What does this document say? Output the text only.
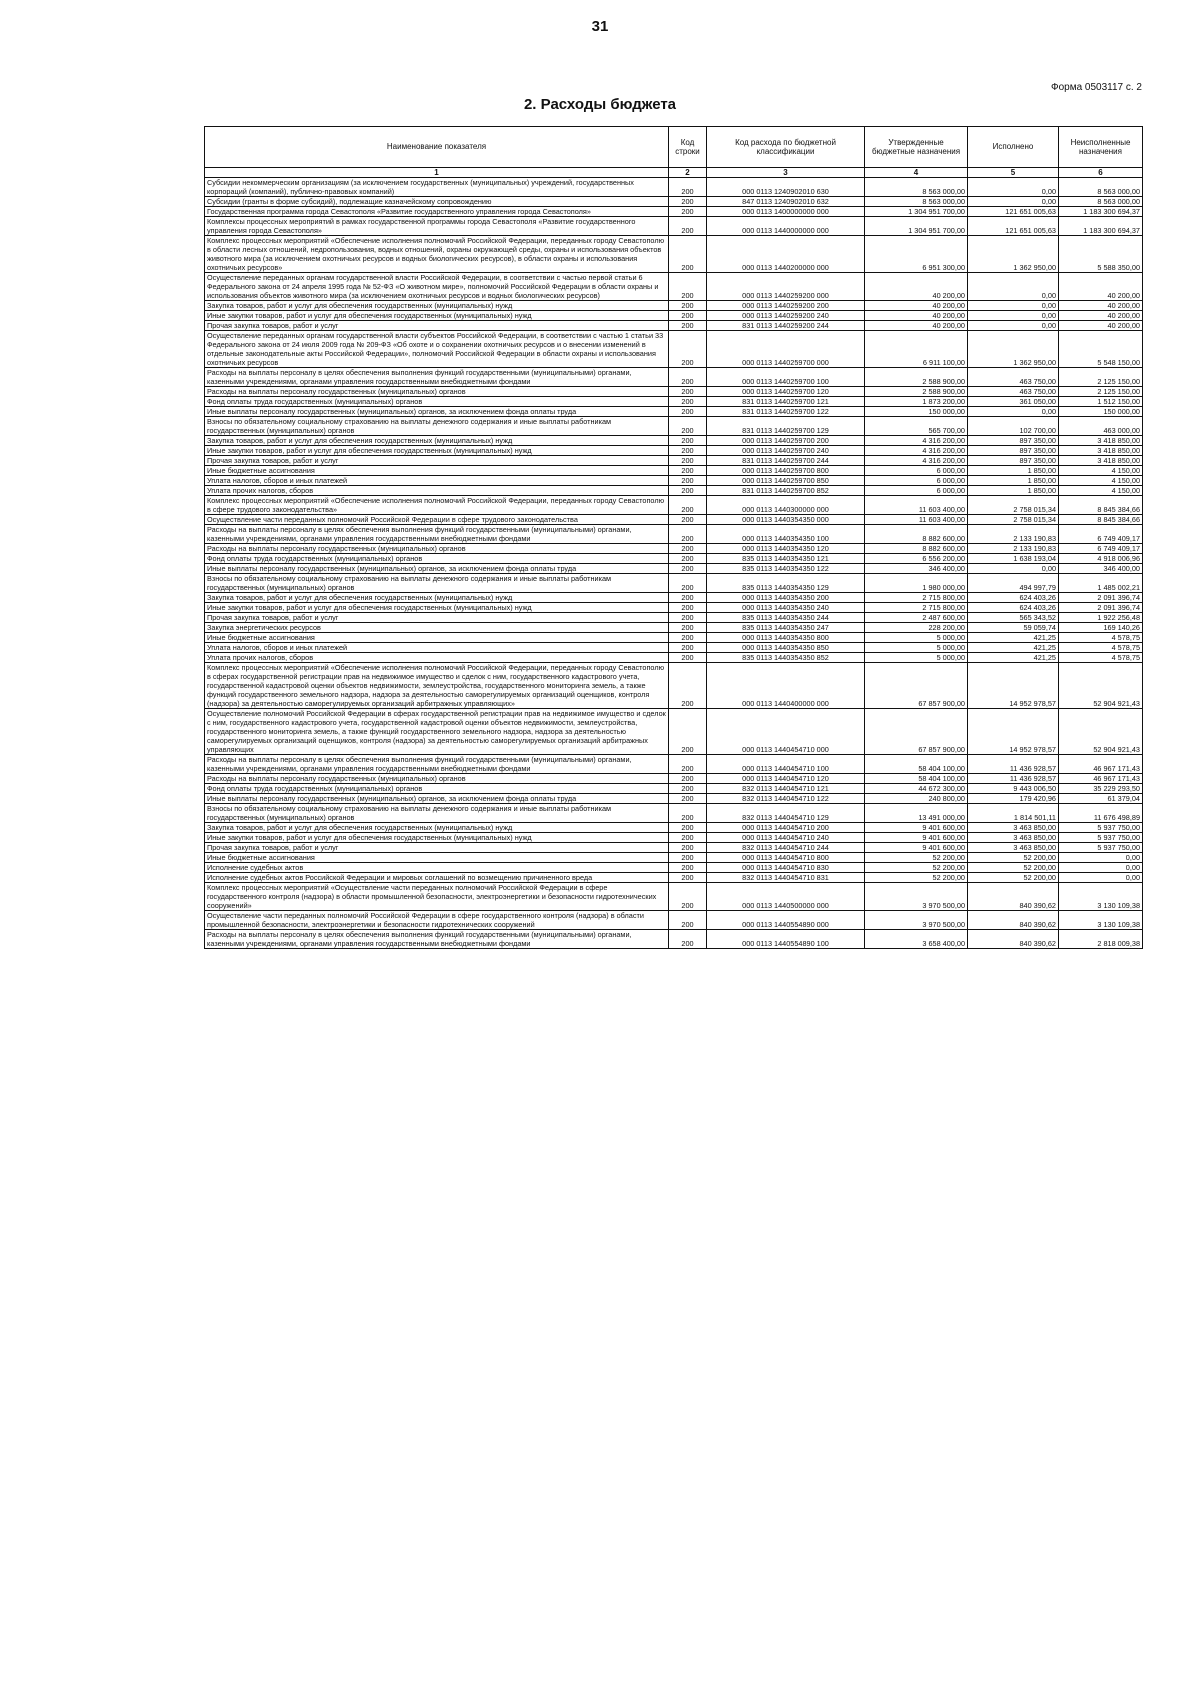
31
Форма 0503117 с. 2
2. Расходы бюджета
Наименование показателя	Код строки	Код расхода по бюджетной классификации	Утвержденные бюджетные назначения	Исполнено	Неисполненные назначения
1	2	3	4	5	6
Субсидии некоммерческим организациям (за исключением государственных (муниципальных) учреждений, государственных корпораций (компаний), публично-правовых компаний)	200	000 0113 1240902010 630	8 563 000,00	0,00	8 563 000,00
Субсидии (гранты в форме субсидий), подлежащие казначейскому сопровождению	200	847 0113 1240902010 632	8 563 000,00	0,00	8 563 000,00
Государственная программа города Севастополя «Развитие государственного управления города Севастополя»	200	000 0113 1400000000 000	1 304 951 700,00	121 651 005,63	1 183 300 694,37
Комплексы процессных мероприятий в рамках государственной программы города Севастополя «Развитие государственного управления города Севастополя»	200	000 0113 1440000000 000	1 304 951 700,00	121 651 005,63	1 183 300 694,37
Комплекс процессных мероприятий «Обеспечение исполнения полномочий Российской Федерации, переданных городу Севастополю в области лесных отношений, недропользования, водных отношений, охраны окружающей среды, охраны и использования объектов животного мира (за исключением охотничьих ресурсов и водных биологических ресурсов), в области охраны и использования охотничьих ресурсов»	200	000 0113 1440200000 000	6 951 300,00	1 362 950,00	5 588 350,00
Осуществление переданных органам государственной власти Российской Федерации, в соответствии с частью первой статьи 6 Федерального закона от 24 апреля 1995 года № 52-ФЗ «О животном мире», полномочий Российской Федерации в области охраны и использования объектов животного мира (за исключением охотничьих ресурсов и водных биологических ресурсов)	200	000 0113 1440259200 000	40 200,00	0,00	40 200,00
Закупка товаров, работ и услуг для обеспечения государственных (муниципальных) нужд	200	000 0113 1440259200 200	40 200,00	0,00	40 200,00
Иные закупки товаров, работ и услуг для обеспечения государственных (муниципальных) нужд	200	000 0113 1440259200 240	40 200,00	0,00	40 200,00
Прочая закупка товаров, работ и услуг	200	831 0113 1440259200 244	40 200,00	0,00	40 200,00
Осуществление переданных органам государственной власти субъектов Российской Федерации, в соответствии с частью 1 статьи 33 Федерального закона от 24 июля 2009 года № 209-ФЗ «Об охоте и о сохранении охотничьих ресурсов и о внесении изменений в отдельные законодательные акты Российской Федерации», полномочий Российской Федерации в области охраны и использования охотничьих ресурсов	200	000 0113 1440259700 000	6 911 100,00	1 362 950,00	5 548 150,00
Расходы на выплаты персоналу в целях обеспечения выполнения функций государственными (муниципальными) органами, казенными учреждениями, органами управления государственными внебюджетными фондами	200	000 0113 1440259700 100	2 588 900,00	463 750,00	2 125 150,00
Расходы на выплаты персоналу государственных (муниципальных) органов	200	000 0113 1440259700 120	2 588 900,00	463 750,00	2 125 150,00
Фонд оплаты труда государственных (муниципальных) органов	200	831 0113 1440259700 121	1 873 200,00	361 050,00	1 512 150,00
Иные выплаты персоналу государственных (муниципальных) органов, за исключением фонда оплаты труда	200	831 0113 1440259700 122	150 000,00	0,00	150 000,00
Взносы по обязательному социальному страхованию на выплаты денежного содержания и иные выплаты работникам государственных (муниципальных) органов	200	831 0113 1440259700 129	565 700,00	102 700,00	463 000,00
Закупка товаров, работ и услуг для обеспечения государственных (муниципальных) нужд	200	000 0113 1440259700 200	4 316 200,00	897 350,00	3 418 850,00
Иные закупки товаров, работ и услуг для обеспечения государственных (муниципальных) нужд	200	000 0113 1440259700 240	4 316 200,00	897 350,00	3 418 850,00
Прочая закупка товаров, работ и услуг	200	831 0113 1440259700 244	4 316 200,00	897 350,00	3 418 850,00
Иные бюджетные ассигнования	200	000 0113 1440259700 800	6 000,00	1 850,00	4 150,00
Уплата налогов, сборов и иных платежей	200	000 0113 1440259700 850	6 000,00	1 850,00	4 150,00
Уплата прочих налогов, сборов	200	831 0113 1440259700 852	6 000,00	1 850,00	4 150,00
Комплекс процессных мероприятий «Обеспечение исполнения полномочий Российской Федерации, переданных городу Севастополю в сфере трудового законодательства»	200	000 0113 1440300000 000	11 603 400,00	2 758 015,34	8 845 384,66
Осуществление части переданных полномочий Российской Федерации в сфере трудового законодательства	200	000 0113 1440354350 000	11 603 400,00	2 758 015,34	8 845 384,66
Расходы на выплаты персоналу в целях обеспечения выполнения функций государственными (муниципальными) органами, казенными учреждениями, органами управления государственными внебюджетными фондами	200	000 0113 1440354350 100	8 882 600,00	2 133 190,83	6 749 409,17
Расходы на выплаты персоналу государственных (муниципальных) органов	200	000 0113 1440354350 120	8 882 600,00	2 133 190,83	6 749 409,17
Фонд оплаты труда государственных (муниципальных) органов	200	835 0113 1440354350 121	6 556 200,00	1 638 193,04	4 918 006,96
Иные выплаты персоналу государственных (муниципальных) органов, за исключением фонда оплаты труда	200	835 0113 1440354350 122	346 400,00	0,00	346 400,00
Взносы по обязательному социальному страхованию на выплаты денежного содержания и иные выплаты работникам государственных (муниципальных) органов	200	835 0113 1440354350 129	1 980 000,00	494 997,79	1 485 002,21
Закупка товаров, работ и услуг для обеспечения государственных (муниципальных) нужд	200	000 0113 1440354350 200	2 715 800,00	624 403,26	2 091 396,74
Иные закупки товаров, работ и услуг для обеспечения государственных (муниципальных) нужд	200	000 0113 1440354350 240	2 715 800,00	624 403,26	2 091 396,74
Прочая закупка товаров, работ и услуг	200	835 0113 1440354350 244	2 487 600,00	565 343,52	1 922 256,48
Закупка энергетических ресурсов	200	835 0113 1440354350 247	228 200,00	59 059,74	169 140,26
Иные бюджетные ассигнования	200	000 0113 1440354350 800	5 000,00	421,25	4 578,75
Уплата налогов, сборов и иных платежей	200	000 0113 1440354350 850	5 000,00	421,25	4 578,75
Уплата прочих налогов, сборов	200	835 0113 1440354350 852	5 000,00	421,25	4 578,75
Комплекс процессных мероприятий «Обеспечение исполнения полномочий Российской Федерации, переданных городу Севастополю в сферах государственной регистрации прав на недвижимое имущество и сделок с ним, государственного кадастрового учета, государственной кадастровой оценки объектов недвижимости, землеустройства, государственного мониторинга земель, а также функций государственного земельного надзора, надзора за деятельностью саморегулируемых организаций оценщиков, контроля (надзора) за деятельностью саморегулируемых организаций арбитражных управляющих»	200	000 0113 1440400000 000	67 857 900,00	14 952 978,57	52 904 921,43
Осуществление полномочий Российской Федерации в сферах государственной регистрации прав на недвижимое имущество и сделок с ним, государственного кадастрового учета, государственной кадастровой оценки объектов недвижимости, землеустройства, государственного мониторинга земель, а также функций государственного земельного надзора, надзора за деятельностью саморегулируемых организаций оценщиков, контроля (надзора) за деятельностью саморегулируемых организаций арбитражных управляющих	200	000 0113 1440454710 000	67 857 900,00	14 952 978,57	52 904 921,43
Расходы на выплаты персоналу в целях обеспечения выполнения функций государственными (муниципальными) органами, казенными учреждениями, органами управления государственными внебюджетными фондами	200	000 0113 1440454710 100	58 404 100,00	11 436 928,57	46 967 171,43
Расходы на выплаты персоналу государственных (муниципальных) органов	200	000 0113 1440454710 120	58 404 100,00	11 436 928,57	46 967 171,43
Фонд оплаты труда государственных (муниципальных) органов	200	832 0113 1440454710 121	44 672 300,00	9 443 006,50	35 229 293,50
Иные выплаты персоналу государственных (муниципальных) органов, за исключением фонда оплаты труда	200	832 0113 1440454710 122	240 800,00	179 420,96	61 379,04
Взносы по обязательному социальному страхованию на выплаты денежного содержания и иные выплаты работникам государственных (муниципальных) органов	200	832 0113 1440454710 129	13 491 000,00	1 814 501,11	11 676 498,89
Закупка товаров, работ и услуг для обеспечения государственных (муниципальных) нужд	200	000 0113 1440454710 200	9 401 600,00	3 463 850,00	5 937 750,00
Иные закупки товаров, работ и услуг для обеспечения государственных (муниципальных) нужд	200	000 0113 1440454710 240	9 401 600,00	3 463 850,00	5 937 750,00
Прочая закупка товаров, работ и услуг	200	832 0113 1440454710 244	9 401 600,00	3 463 850,00	5 937 750,00
Иные бюджетные ассигнования	200	000 0113 1440454710 800	52 200,00	52 200,00	0,00
Исполнение судебных актов	200	000 0113 1440454710 830	52 200,00	52 200,00	0,00
Исполнение судебных актов Российской Федерации и мировых соглашений по возмещению причиненного вреда	200	832 0113 1440454710 831	52 200,00	52 200,00	0,00
Комплекс процессных мероприятий «Осуществление части переданных полномочий Российской Федерации в сфере государственного контроля (надзора) в области промышленной безопасности, электроэнергетики и безопасности гидротехнических сооружений»	200	000 0113 1440500000 000	3 970 500,00	840 390,62	3 130 109,38
Осуществление части переданных полномочий Российской Федерации в сфере государственного контроля (надзора) в области промышленной безопасности, электроэнергетики и безопасности гидротехнических сооружений	200	000 0113 1440554890 000	3 970 500,00	840 390,62	3 130 109,38
Расходы на выплаты персоналу в целях обеспечения выполнения функций государственными (муниципальными) органами, казенными учреждениями, органами управления государственными внебюджетными фондами	200	000 0113 1440554890 100	3 658 400,00	840 390,62	2 818 009,38
